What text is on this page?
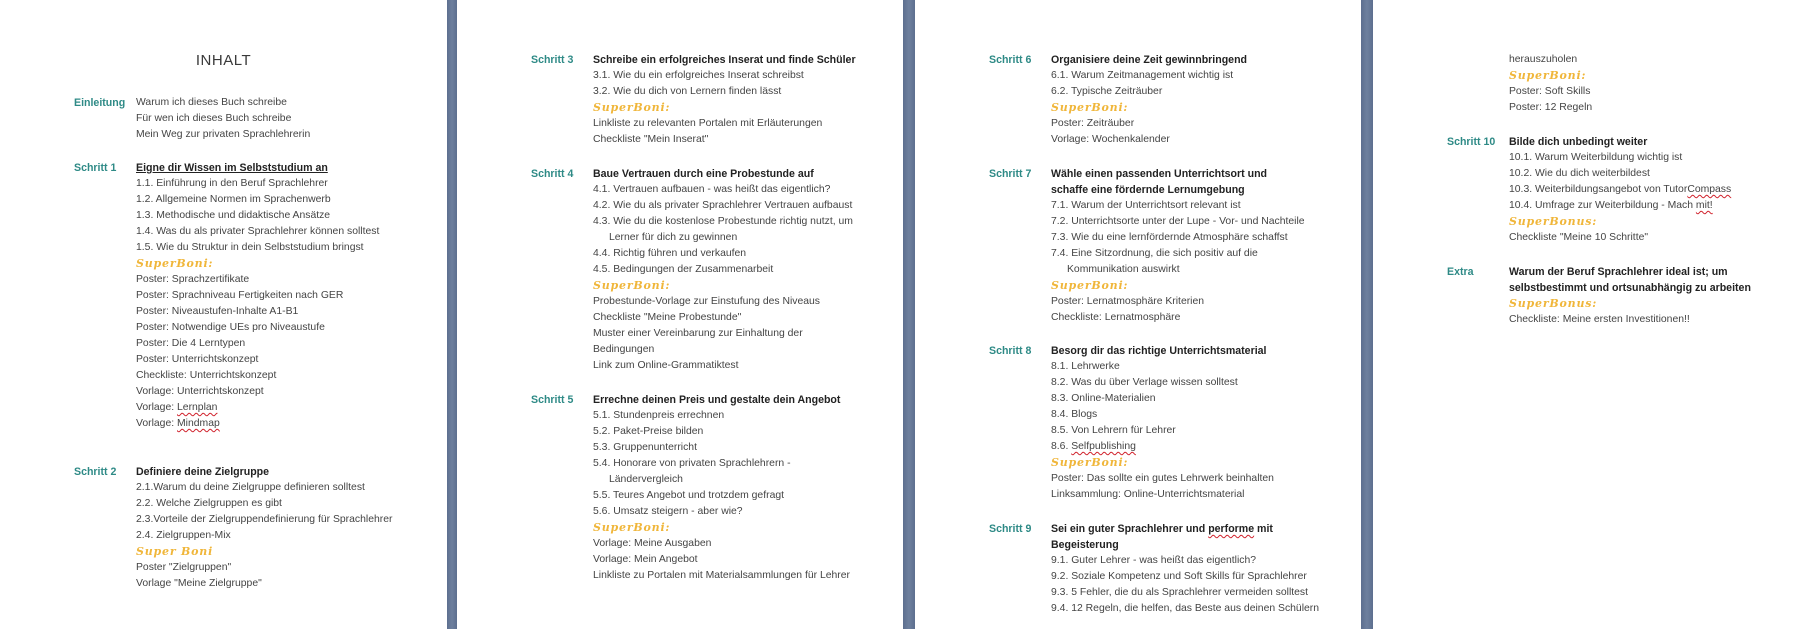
INHALT
Einleitung Warum ich dieses Buch schreibe
Für wen ich dieses Buch schreibe
Mein Weg zur privaten Sprachlehrerin
Schritt 1 Eigne dir Wissen im Selbststudium an
1.1. Einführung in den Beruf Sprachlehrer
1.2. Allgemeine Normen im Sprachenwerb
1.3. Methodische und didaktische Ansätze
1.4. Was du als privater Sprachlehrer können solltest
1.5. Wie du Struktur in dein Selbststudium bringst
SuperBoni:
Poster: Sprachzertifikate
Poster: Sprachniveau Fertigkeiten nach GER
Poster: Niveaustufen-Inhalte A1-B1
Poster: Notwendige UEs pro Niveaustufe
Poster: Die 4 Lerntypen
Poster: Unterrichtskonzept
Checkliste: Unterrichtskonzept
Vorlage: Unterrichtskonzept
Vorlage: Lernplan
Vorlage: Mindmap
Schritt 2 Definiere deine Zielgruppe
2.1.Warum du deine Zielgruppe definieren solltest
2.2. Welche Zielgruppen es gibt
2.3.Vorteile der Zielgruppendefinierung für Sprachlehrer
2.4. Zielgruppen-Mix
Super Boni
Poster "Zielgruppen"
Vorlage "Meine Zielgruppe"
Schritt 3 Schreibe ein erfolgreiches Inserat und finde Schüler
3.1. Wie du ein erfolgreiches Inserat schreibst
3.2. Wie du dich von Lernern finden lässt
SuperBoni:
Linkliste zu relevanten Portalen mit Erläuterungen
Checkliste "Mein Inserat"
Schritt 4 Baue Vertrauen durch eine Probestunde auf
4.1. Vertrauen aufbauen - was heißt das eigentlich?
4.2. Wie du als privater Sprachlehrer Vertrauen aufbaust
4.3. Wie du die kostenlose Probestunde richtig nutzt, um
Lerner für dich zu gewinnen
4.4. Richtig führen und verkaufen
4.5. Bedingungen der Zusammenarbeit
SuperBoni:
Probestunde-Vorlage zur Einstufung des Niveaus
Checkliste "Meine Probestunde"
Muster einer Vereinbarung zur Einhaltung der
Bedingungen
Link zum Online-Grammatiktest
Schritt 5 Errechne deinen Preis und gestalte dein Angebot
5.1. Stundenpreis errechnen
5.2. Paket-Preise bilden
5.3. Gruppenunterricht
5.4. Honorare von privaten Sprachlehrern -
Ländervergleich
5.5. Teures Angebot und trotzdem gefragt
5.6. Umsatz steigern - aber wie?
SuperBoni:
Vorlage: Meine Ausgaben
Vorlage: Mein Angebot
Linkliste zu Portalen mit Materialsammlungen für Lehrer
Schritt 6 Organisiere deine Zeit gewinnbringend
6.1. Warum Zeitmanagement wichtig ist
6.2. Typische Zeiträuber
SuperBoni:
Poster: Zeiträuber
Vorlage: Wochenkalender
Schritt 7 Wähle einen passenden Unterrichtsort und schaffe eine fördernde Lernumgebung
7.1. Warum der Unterrichtsort relevant ist
7.2. Unterrichtsorte unter der Lupe - Vor- und Nachteile
7.3. Wie du eine lernfördernde Atmosphäre schaffst
7.4. Eine Sitzordnung, die sich positiv auf die
Kommunikation auswirkt
SuperBoni:
Poster: Lernatmosphäre Kriterien
Checkliste: Lernatmosphäre
Schritt 8 Besorg dir das richtige Unterrichtsmaterial
8.1. Lehrwerke
8.2. Was du über Verlage wissen solltest
8.3. Online-Materialien
8.4. Blogs
8.5. Von Lehrern für Lehrer
8.6. Selfpublishing
SuperBoni:
Poster: Das sollte ein gutes Lehrwerk beinhalten
Linksammlung: Online-Unterrichtsmaterial
Schritt 9 Sei ein guter Sprachlehrer und performe mit
Begeisterung
9.1. Guter Lehrer - was heißt das eigentlich?
9.2. Soziale Kompetenz und Soft Skills für Sprachlehrer
9.3. 5 Fehler, die du als Sprachlehrer vermeiden solltest
9.4. 12 Regeln, die helfen, das Beste aus deinen Schülern
herauszuholen
SuperBoni:
Poster: Soft Skills
Poster: 12 Regeln
Schritt 10 Bilde dich unbedingt weiter
10.1. Warum Weiterbildung wichtig ist
10.2. Wie du dich weiterbildest
10.3. Weiterbildungsangebot von TutorCompass
10.4. Umfrage zur Weiterbildung - Mach mit!
SuperBonus:
Checkliste "Meine 10 Schritte"
Extra	Warum der Beruf Sprachlehrer ideal ist; um
selbstbestimmt und ortsunabhängig zu arbeiten
SuperBonus:
Checkliste: Meine ersten Investitionen!!
